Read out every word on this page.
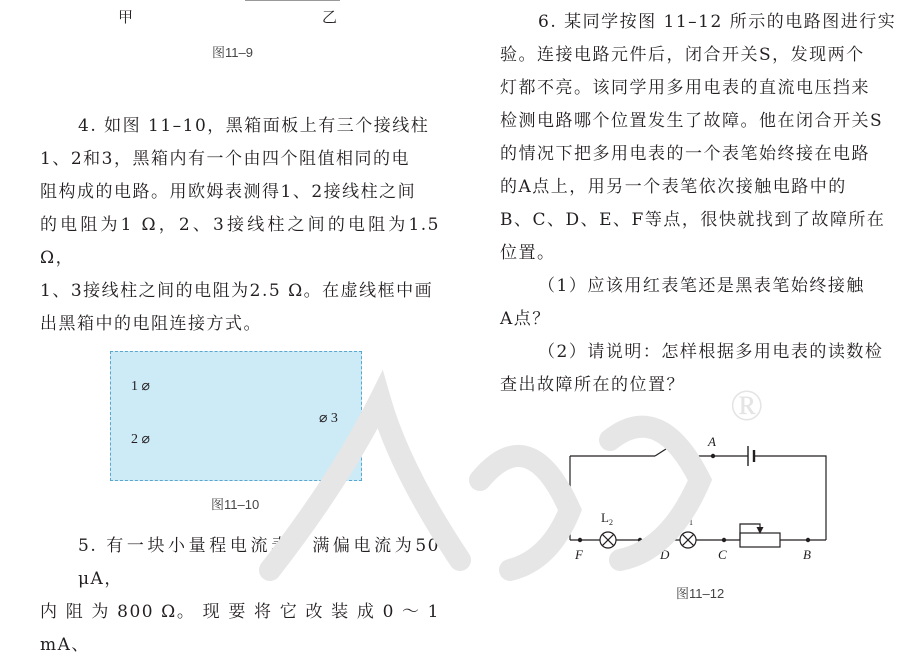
甲	乙
图11–9

4. 如图 11–10，黑箱面板上有三个接线柱

1、2和3，黑箱内有一个由四个阻值相同的电

阻构成的电路。用欧姆表测得1、2接线柱之间

的电阻为1 Ω，2、3接线柱之间的电阻为1.5 Ω，

1、3接线柱之间的电阻为2.5 Ω。在虚线框中画

出黑箱中的电阻连接方式。

1 ⌀
2 ⌀
⌀ 3
图11–10

5. 有一块小量程电流表，满偏电流为50 μA，

内 阻 为 800 Ω。 现 要 将 它 改 装 成 0 ～ 1 mA、

6. 某同学按图 11–12 所示的电路图进行实

验。连接电路元件后，闭合开关S，发现两个

灯都不亮。该同学用多用电表的直流电压挡来

检测电路哪个位置发生了故障。他在闭合开关S

的情况下把多用电表的一个表笔始终接在电路

的A点上，用另一个表笔依次接触电路中的

B、C、D、E、F等点，很快就找到了故障所在

位置。

（1）应该用红表笔还是黑表笔始终接触

A点？

（2）请说明：怎样根据多用电表的读数检

查出故障所在的位置？

S	A
$L_2$	$L_1$
F	E D	C	B
图11–12
®
